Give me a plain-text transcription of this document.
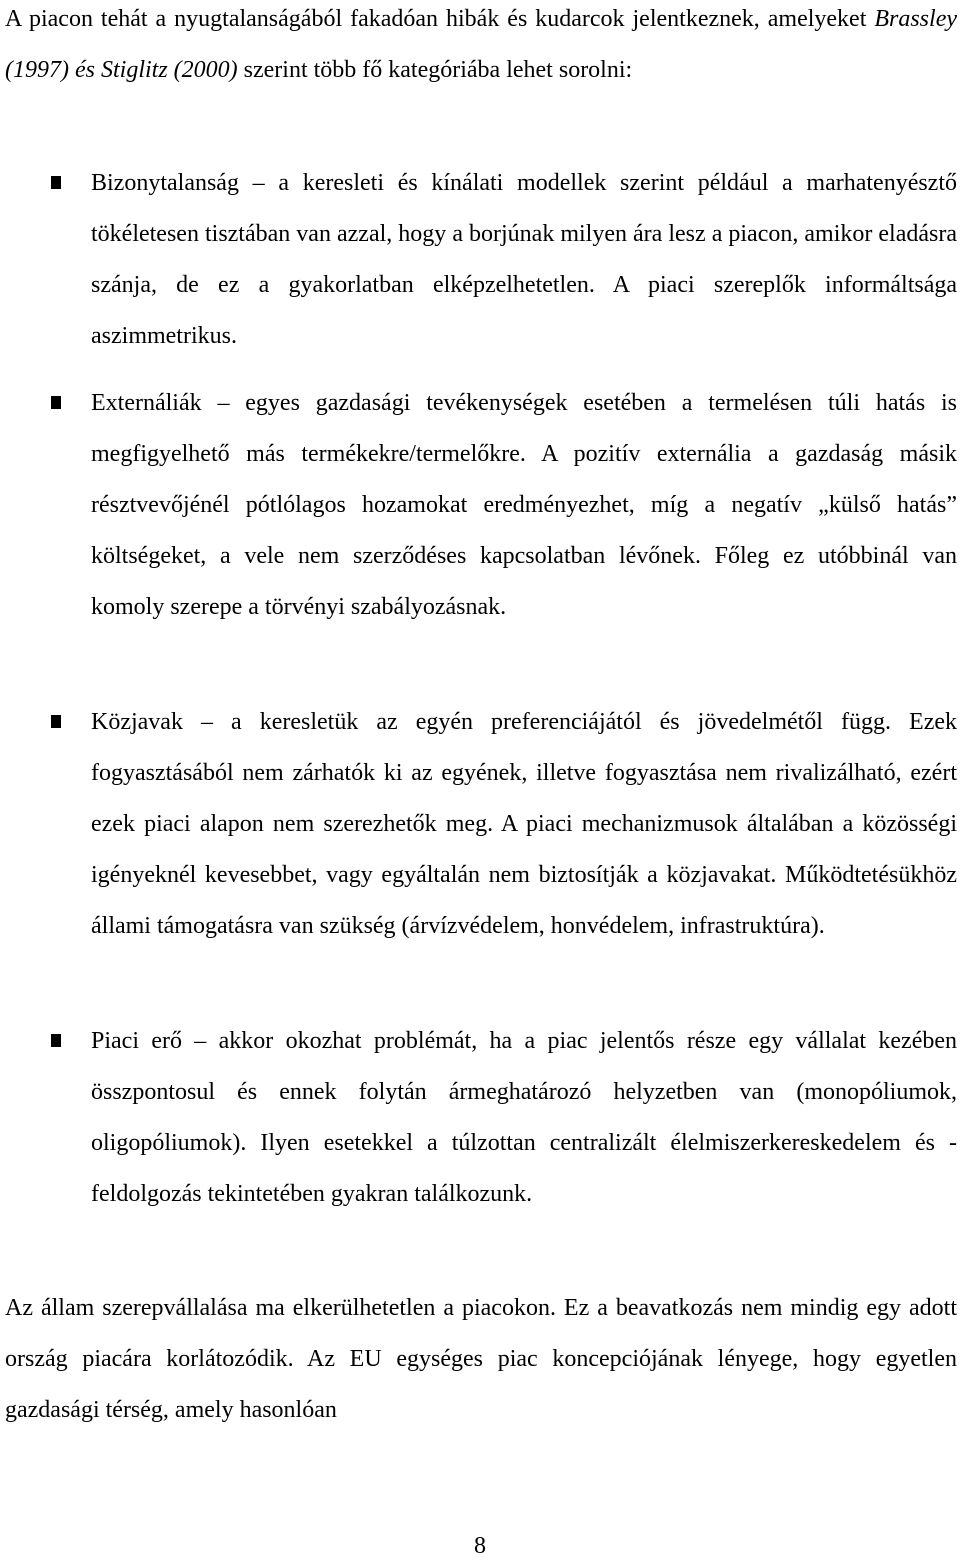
A piacon tehát a nyugtalanságából fakadóan hibák és kudarcok jelentkeznek, amelyeket Brassley (1997) és Stiglitz (2000) szerint több fő kategóriába lehet sorolni:

Bizonytalanság – a keresleti és kínálati modellek szerint például a marhatenyésztő tökéletesen tisztában van azzal, hogy a borjúnak milyen ára lesz a piacon, amikor eladásra szánja, de ez a gyakorlatban elképzelhetetlen. A piaci szereplők informáltsága aszimmetrikus.
Externáliák – egyes gazdasági tevékenységek esetében a termelésen túli hatás is megfigyelhető más termékekre/termelőkre. A pozitív externália a gazdaság másik résztvevőjénél pótlólagos hozamokat eredményezhet, míg a negatív „külső hatás” költségeket, a vele nem szerződéses kapcsolatban lévőnek. Főleg ez utóbbinál van komoly szerepe a törvényi szabályozásnak.
Közjavak – a keresletük az egyén preferenciájától és jövedelmétől függ. Ezek fogyasztásából nem zárhatók ki az egyének, illetve fogyasztása nem rivalizálható, ezért ezek piaci alapon nem szerezhetők meg. A piaci mechanizmusok általában a közösségi igényeknél kevesebbet, vagy egyáltalán nem biztosítják a közjavakat. Működtetésükhöz állami támogatásra van szükség (árvízvédelem, honvédelem, infrastruktúra).
Piaci erő – akkor okozhat problémát, ha a piac jelentős része egy vállalat kezében összpontosul és ennek folytán ármeghatározó helyzetben van (monopóliumok, oligopóliumok). Ilyen esetekkel a túlzottan centralizált élelmiszerkereskedelem és -feldolgozás tekintetében gyakran találkozunk.

Az állam szerepvállalása ma elkerülhetetlen a piacokon. Ez a beavatkozás nem mindig egy adott ország piacára korlátozódik. Az EU egységes piac koncepciójának lényege, hogy egyetlen gazdasági térség, amely hasonlóan

8
